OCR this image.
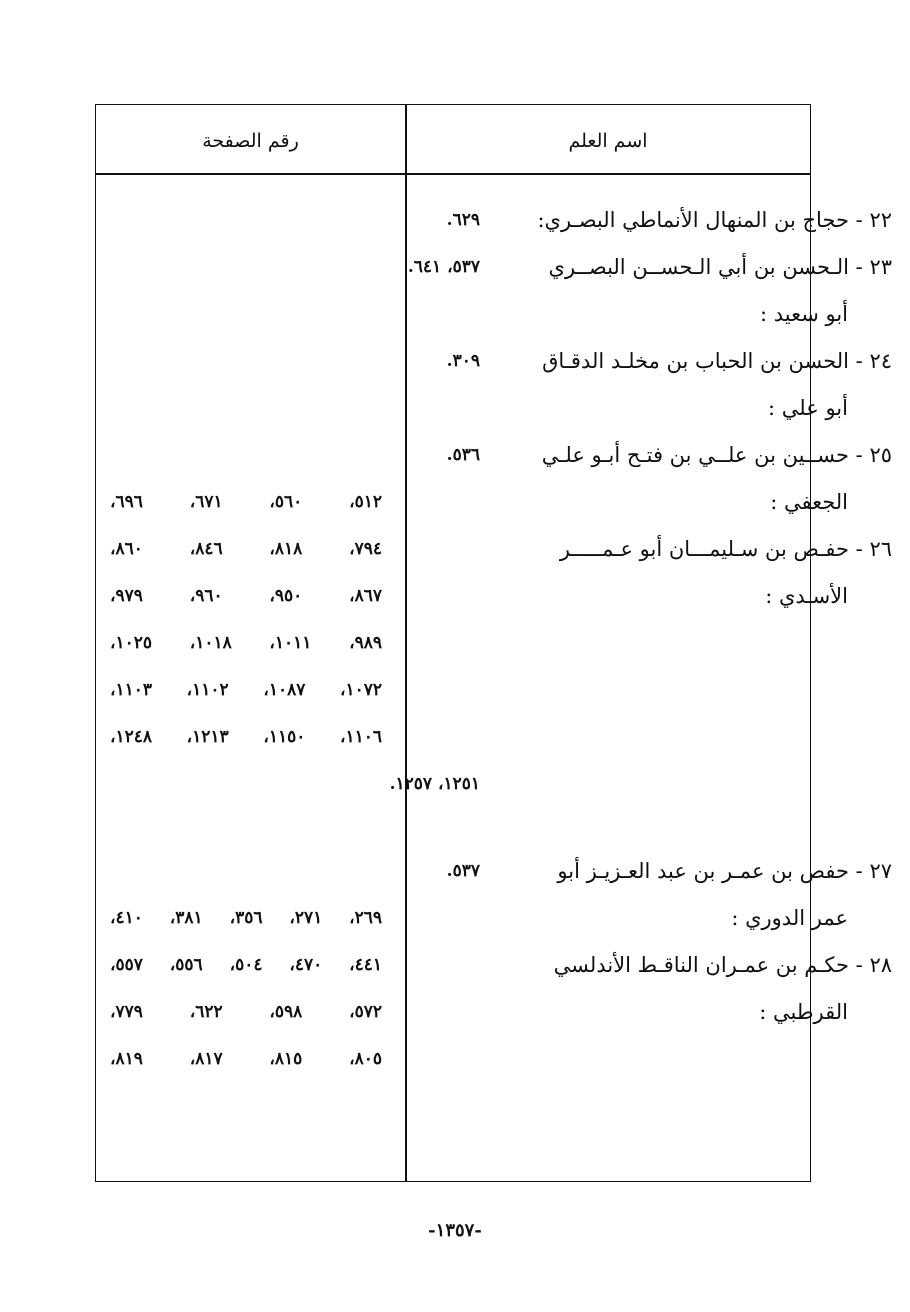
اسم العلم
رقم الصفحة
٢٢ - حجاج بن المنهال الأنماطي البصـري:
٦٢٩.
٢٣ - الـحسن بن أبي الـحســن البصــري
أبو سعيد :
٥٣٧، ٦٤١.
٢٤ - الحسن بن الحباب بن مخلـد الدقـاق
أبو علي :
٣٠٩.
٢٥ - حســين بن علــي بن فتـح أبـو علـي
الجعفي :
٥٣٦.
٢٦ - حفـص بن سـليمـــان أبو عـمـــــر
الأسـدي :
٥١٢، ٥٦٠، ٦٧١، ٦٩٦،
٧٩٤، ٨١٨، ٨٤٦، ٨٦٠،
٨٦٧، ٩٥٠، ٩٦٠، ٩٧٩،
٩٨٩، ١٠١١، ١٠١٨، ١٠٢٥،
١٠٧٢، ١٠٨٧، ١١٠٢، ١١٠٣،
١١٠٦، ١١٥٠، ١٢١٣، ١٢٤٨،
١٢٥١، ١٢٥٧.
٢٧ - حفص بن عمـر بن عبد العـزيـز أبو
عمر الدوري :
٥٣٧.
٢٦٩، ٢٧١، ٣٥٦، ٣٨١، ٤١٠،
٤٤١، ٤٧٠، ٥٠٤، ٥٥٦، ٥٥٧،
٥٧٢، ٥٩٨، ٦٢٢، ٧٧٩،
٨٠٥، ٨١٥، ٨١٧، ٨١٩،
٢٨ - حكـم بن عمـران الناقـط الأندلسي
القرطبي :
-١٣٥٧-
